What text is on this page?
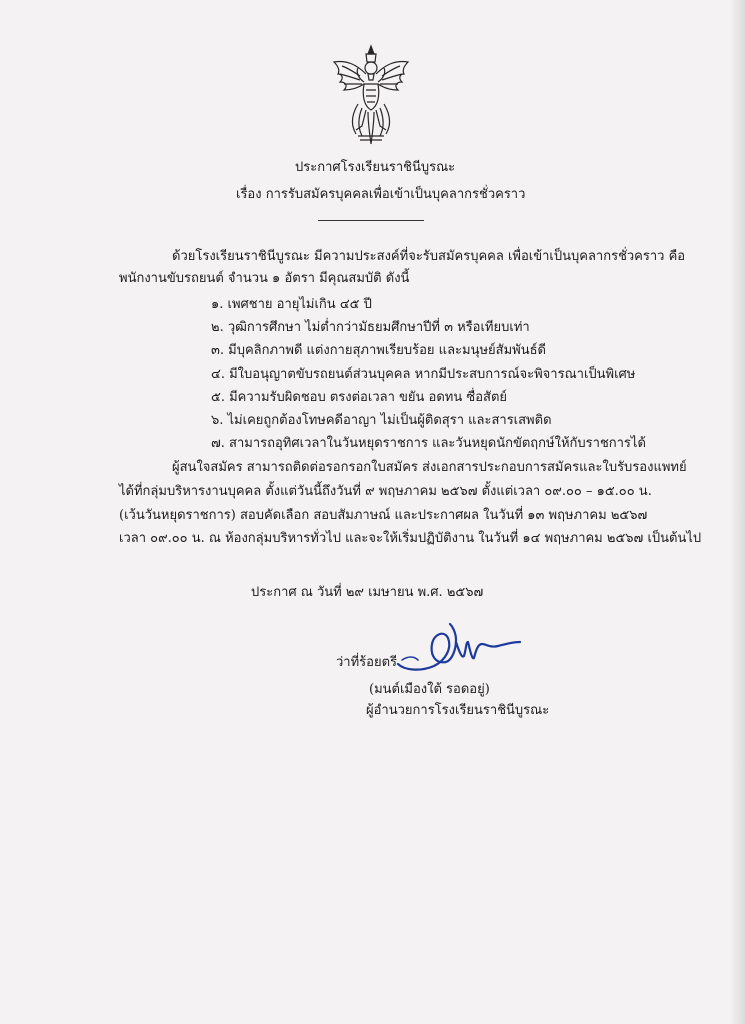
ประกาศโรงเรียนราชินีบูรณะ
เรื่อง การรับสมัครบุคคลเพื่อเข้าเป็นบุคลากรชั่วคราว
ด้วยโรงเรียนราชินีบูรณะ มีความประสงค์ที่จะรับสมัครบุคคล เพื่อเข้าเป็นบุคลากรชั่วคราว คือ
พนักงานขับรถยนต์ จำนวน ๑ อัตรา มีคุณสมบัติ ดังนี้
๑. เพศชาย อายุไม่เกิน ๔๕ ปี
๒. วุฒิการศึกษา ไม่ต่ำกว่ามัธยมศึกษาปีที่ ๓ หรือเทียบเท่า
๓. มีบุคลิกภาพดี แต่งกายสุภาพเรียบร้อย และมนุษย์สัมพันธ์ดี
๔. มีใบอนุญาตขับรถยนต์ส่วนบุคคล หากมีประสบการณ์จะพิจารณาเป็นพิเศษ
๕. มีความรับผิดชอบ ตรงต่อเวลา ขยัน อดทน ซื่อสัตย์
๖. ไม่เคยถูกต้องโทษคดีอาญา ไม่เป็นผู้ติดสุรา และสารเสพติด
๗. สามารถอุทิศเวลาในวันหยุดราชการ และวันหยุดนักขัตฤกษ์ให้กับราชการได้
ผู้สนใจสมัคร สามารถติดต่อรอกรอกใบสมัคร ส่งเอกสารประกอบการสมัครและใบรับรองแพทย์
ได้ที่กลุ่มบริหารงานบุคคล ตั้งแต่วันนี้ถึงวันที่ ๙ พฤษภาคม ๒๕๖๗ ตั้งแต่เวลา ๐๙.๐๐ – ๑๕.๐๐ น.
(เว้นวันหยุดราชการ) สอบคัดเลือก สอบสัมภาษณ์ และประกาศผล ในวันที่ ๑๓ พฤษภาคม ๒๕๖๗
เวลา ๐๙.๐๐ น. ณ ห้องกลุ่มบริหารทั่วไป และจะให้เริ่มปฏิบัติงาน ในวันที่ ๑๔ พฤษภาคม ๒๕๖๗ เป็นต้นไป
ประกาศ ณ วันที่ ๒๙ เมษายน พ.ศ. ๒๕๖๗
ว่าที่ร้อยตรี
(มนต์เมืองใต้ รอดอยู่)
ผู้อำนวยการโรงเรียนราชินีบูรณะ
